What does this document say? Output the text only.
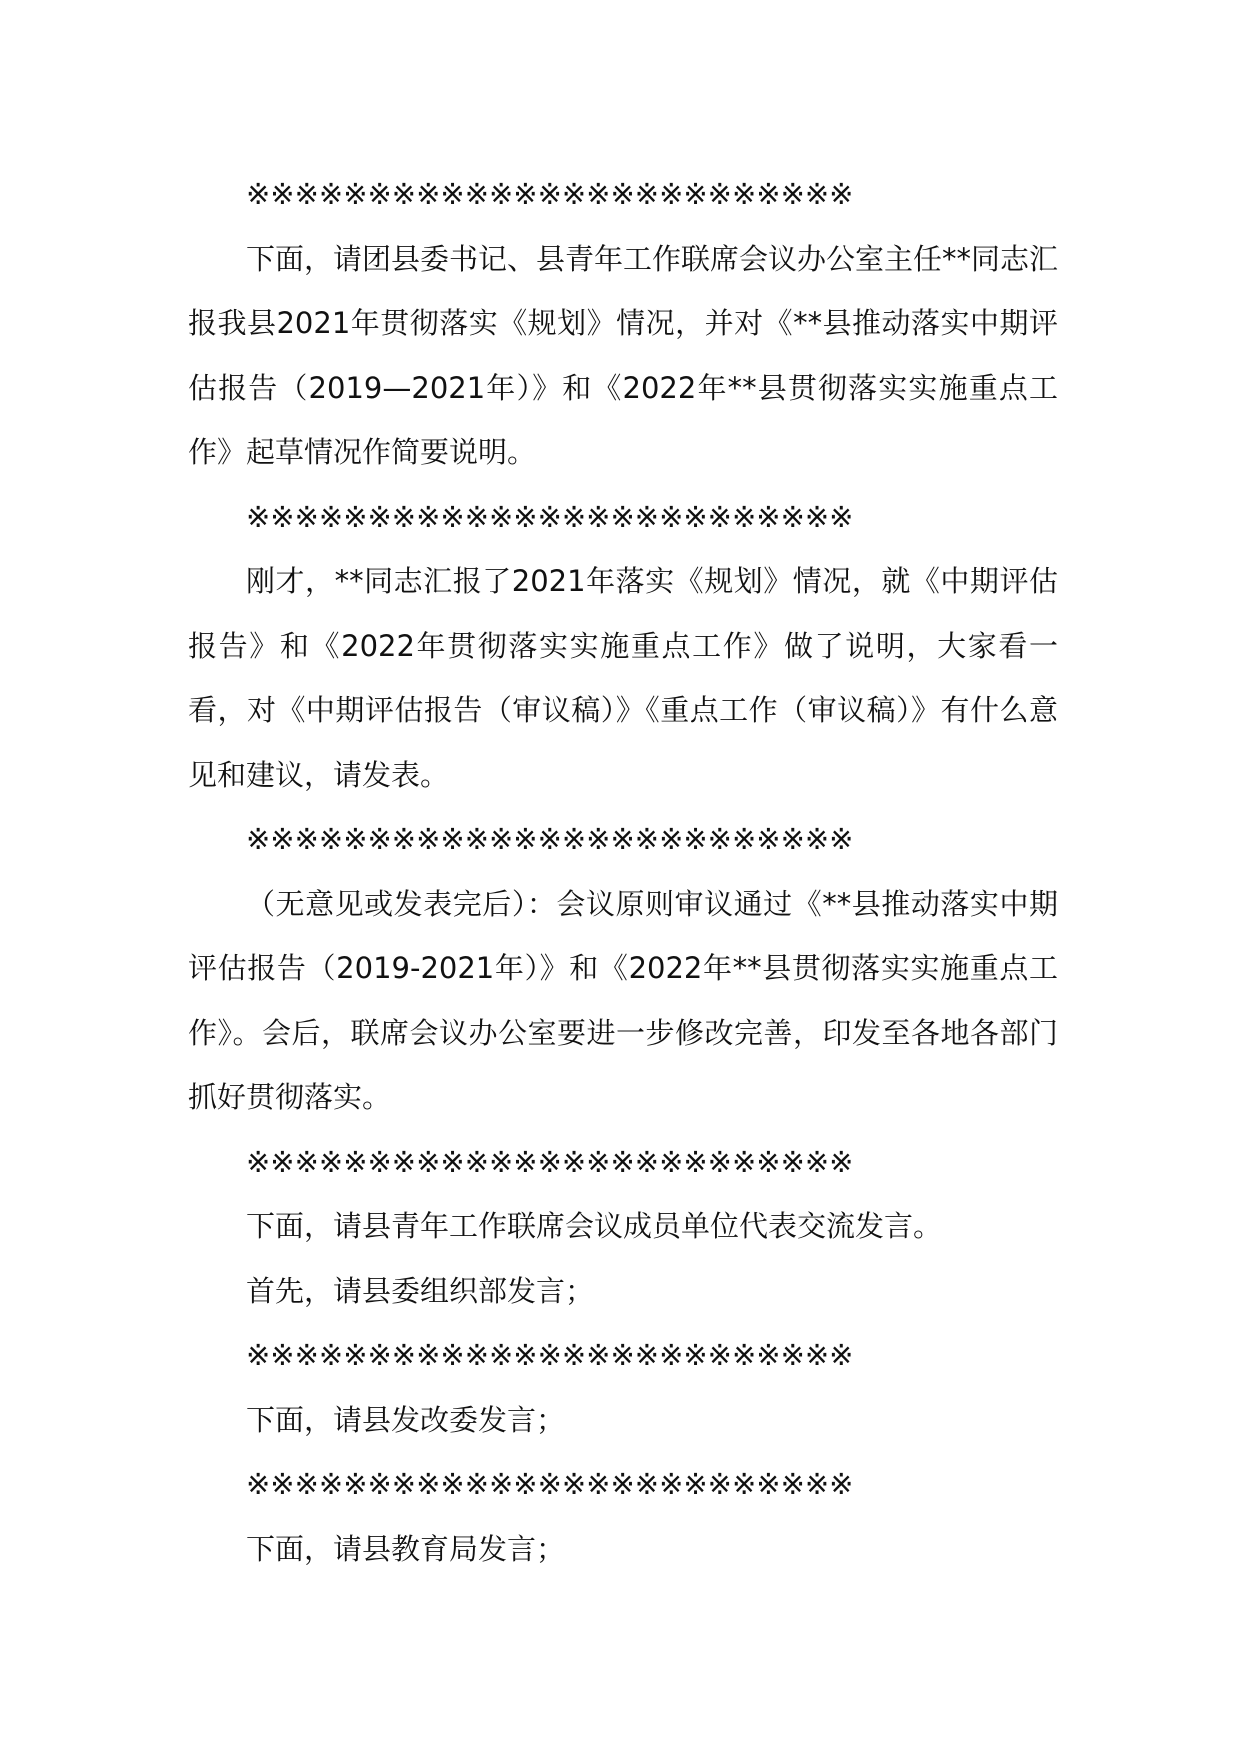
※※※※※※※※※※※※※※※※※※※※※※※※※

下面，请团县委书记、县青年工作联席会议办公室主任**同志汇报我县2021年贯彻落实《规划》情况，并对《**县推动落实中期评估报告（2019—2021年）》和《2022年**县贯彻落实实施重点工作》起草情况作简要说明。

※※※※※※※※※※※※※※※※※※※※※※※※※

刚才，**同志汇报了2021年落实《规划》情况，就《中期评估报告》和《2022年贯彻落实实施重点工作》做了说明，大家看一看，对《中期评估报告（审议稿）》《重点工作（审议稿）》有什么意见和建议，请发表。

※※※※※※※※※※※※※※※※※※※※※※※※※

（无意见或发表完后）：会议原则审议通过《**县推动落实中期评估报告（2019-2021年）》和《2022年**县贯彻落实实施重点工作》。会后，联席会议办公室要进一步修改完善，印发至各地各部门抓好贯彻落实。

※※※※※※※※※※※※※※※※※※※※※※※※※

下面，请县青年工作联席会议成员单位代表交流发言。

首先，请县委组织部发言；

※※※※※※※※※※※※※※※※※※※※※※※※※

下面，请县发改委发言；

※※※※※※※※※※※※※※※※※※※※※※※※※

下面，请县教育局发言；
